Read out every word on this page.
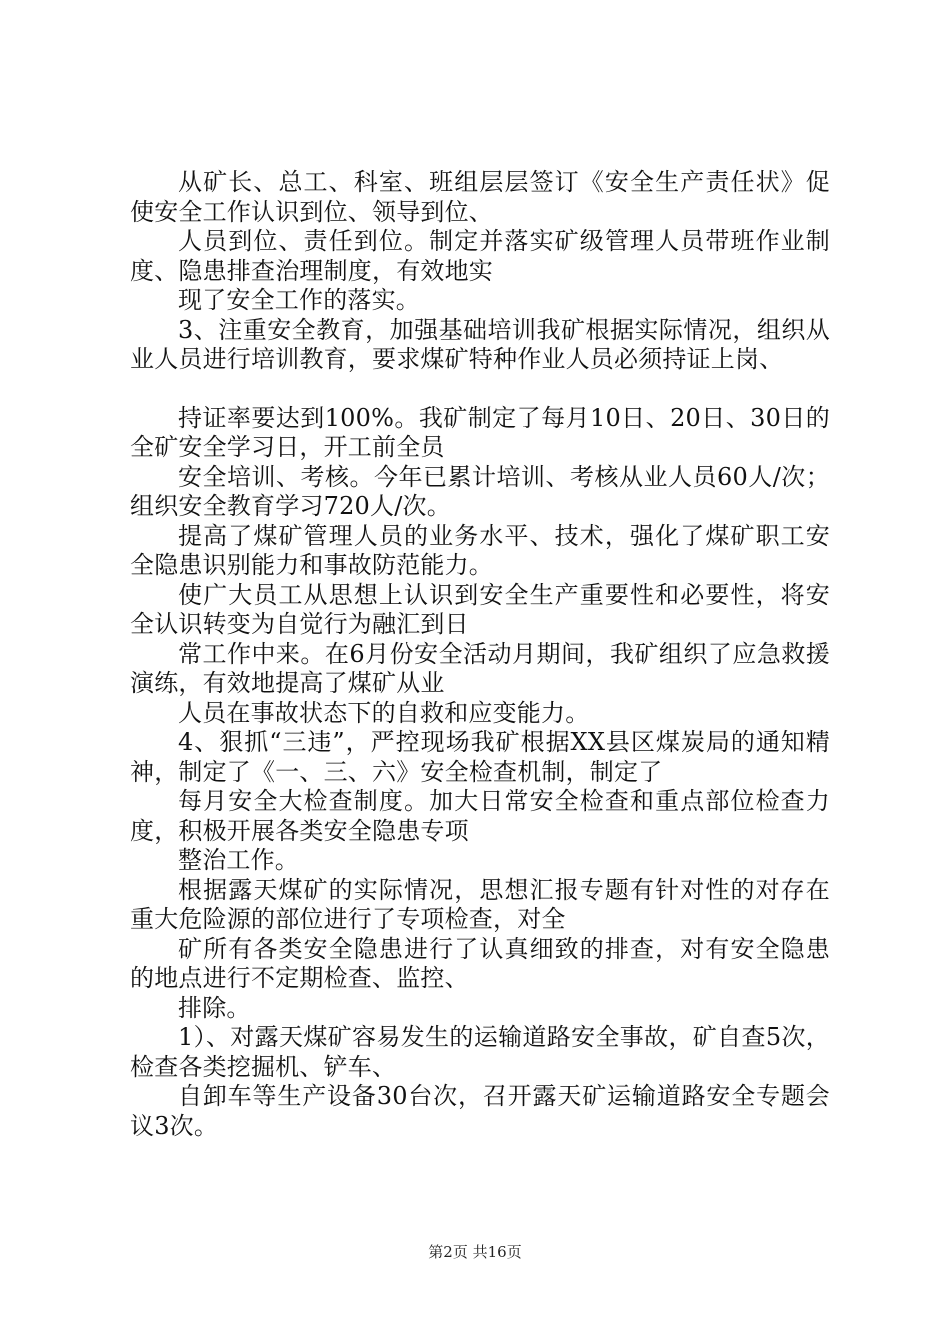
从矿长、总工、科室、班组层层签订《安全生产责任状》促使安全工作认识到位、领导到位、

人员到位、责任到位。制定并落实矿级管理人员带班作业制度、隐患排查治理制度，有效地实

现了安全工作的落实。

3、注重安全教育，加强基础培训我矿根据实际情况，组织从业人员进行培训教育，要求煤矿特种作业人员必须持证上岗、

持证率要达到100%。我矿制定了每月10日、20日、30日的全矿安全学习日，开工前全员

安全培训、考核。今年已累计培训、考核从业人员60人/次；组织安全教育学习720人/次。

提高了煤矿管理人员的业务水平、技术，强化了煤矿职工安全隐患识别能力和事故防范能力。

使广大员工从思想上认识到安全生产重要性和必要性，将安全认识转变为自觉行为融汇到日

常工作中来。在6月份安全活动月期间，我矿组织了应急救援演练，有效地提高了煤矿从业

人员在事故状态下的自救和应变能力。

4、狠抓“三违”，严控现场我矿根据XX县区煤炭局的通知精神，制定了《一、三、六》安全检查机制，制定了

每月安全大检查制度。加大日常安全检查和重点部位检查力度，积极开展各类安全隐患专项

整治工作。

根据露天煤矿的实际情况，思想汇报专题有针对性的对存在重大危险源的部位进行了专项检查，对全

矿所有各类安全隐患进行了认真细致的排查，对有安全隐患的地点进行不定期检查、监控、

排除。

1）、对露天煤矿容易发生的运输道路安全事故，矿自查5次，检查各类挖掘机、铲车、

自卸车等生产设备30台次，召开露天矿运输道路安全专题会议3次。

第2页 共16页
